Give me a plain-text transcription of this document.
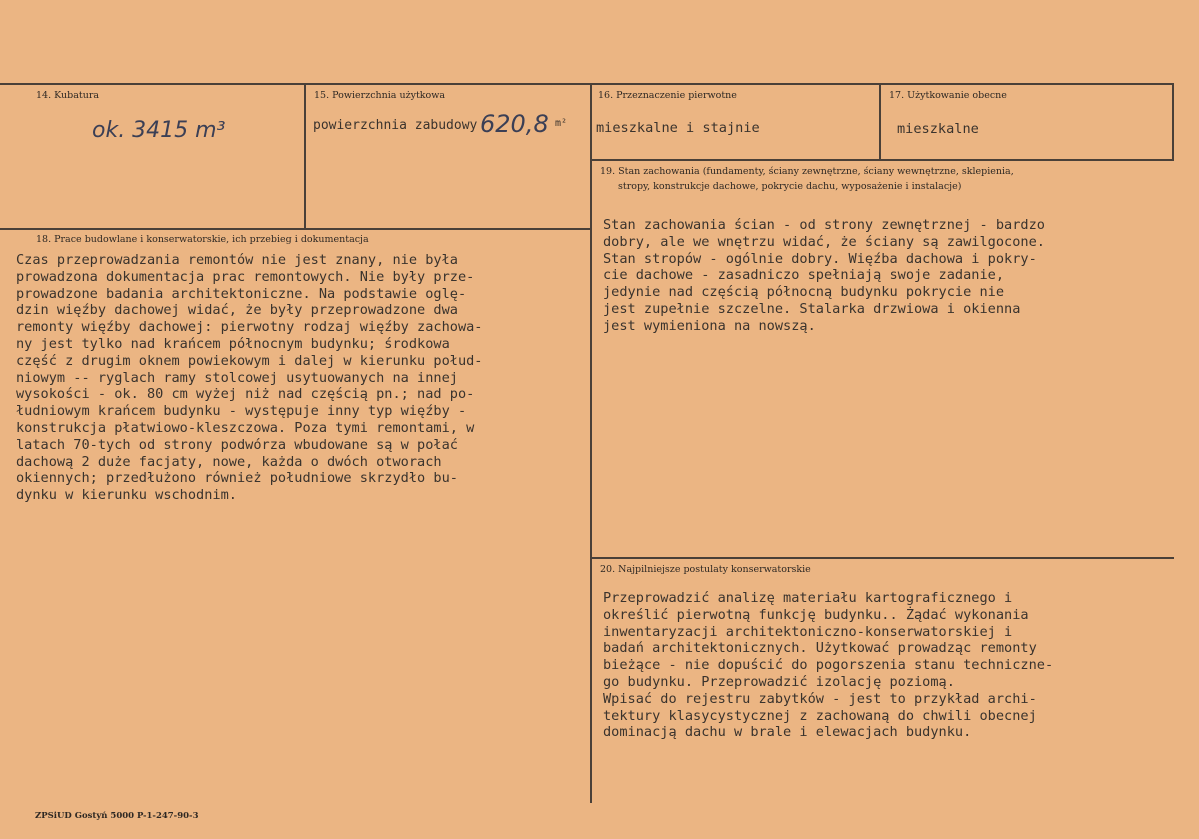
14. Kubatura
ok. 3415 m³
15. Powierzchnia użytkowa
powierzchnia zabudowy 620,8 m²
16. Przeznaczenie pierwotne
mieszkalne i stajnie
17. Użytkowanie obecne
mieszkalne
18. Prace budowlane i konserwatorskie, ich przebieg i dokumentacja
Czas przeprowadzania remontów nie jest znany, nie była
prowadzona dokumentacja prac remontowych. Nie były prze-
prowadzone badania architektoniczne. Na podstawie oglę-
dzin więźby dachowej widać, że były przeprowadzone dwa
remonty więźby dachowej: pierwotny rodzaj więźby zachowa-
ny jest tylko nad krańcem północnym budynku; środkowa
część z drugim oknem powiekowym i dalej w kierunku połud-
niowym -- ryglach ramy stolcowej usytuowanych na innej
wysokości - ok. 80 cm wyżej niż nad częścią pn.; nad po-
łudniowym krańcem budynku - występuje inny typ więźby -
konstrukcja płatwiowo-kleszczowa. Poza tymi remontami, w
latach 70-tych od strony podwórza wbudowane są w połać
dachową 2 duże facjaty, nowe, każda o dwóch otworach
okiennych; przedłużono również południowe skrzydło bu-
dynku w kierunku wschodnim.
19. Stan zachowania (fundamenty, ściany zewnętrzne, ściany wewnętrzne, sklepienia,
stropy, konstrukcje dachowe, pokrycie dachu, wyposażenie i instalacje)
Stan zachowania ścian - od strony zewnętrznej - bardzo
dobry, ale we wnętrzu widać, że ściany są zawilgocone.
Stan stropów - ogólnie dobry. Więźba dachowa i pokry-
cie dachowe - zasadniczo spełniają swoje zadanie,
jedynie nad częścią północną budynku pokrycie nie
jest zupełnie szczelne. Stalarka drzwiowa i okienna
jest wymieniona na nowszą.
20. Najpilniejsze postulaty konserwatorskie
Przeprowadzić analizę materiału kartograficznego i
określić pierwotną funkcję budynku.. Żądać wykonania
inwentaryzacji architektoniczno-konserwatorskiej i
badań architektonicznych. Użytkować prowadząc remonty
bieżące - nie dopuścić do pogorszenia stanu techniczne-
go budynku. Przeprowadzić izolację poziomą.
Wpisać do rejestru zabytków - jest to przykład archi-
tektury klasycystycznej z zachowaną do chwili obecnej
dominacją dachu w brale i elewacjach budynku.
ZPSiUD Gostyń 5000 P-1-247-90-3
